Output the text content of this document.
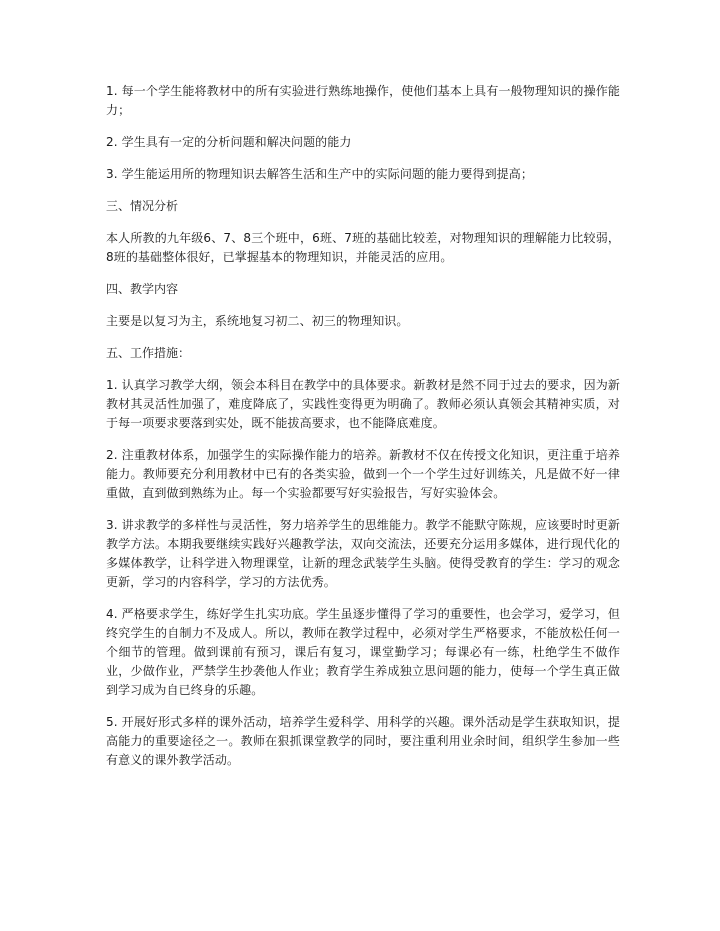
1. 每一个学生能将教材中的所有实验进行熟练地操作，使他们基本上具有一般物理知识的操作能力；

2. 学生具有一定的分析问题和解决问题的能力

3. 学生能运用所的物理知识去解答生活和生产中的实际问题的能力要得到提高；

三、情况分析

本人所教的九年级6、7、8三个班中，6班、7班的基础比较差，对物理知识的理解能力比较弱，8班的基础整体很好，已掌握基本的物理知识，并能灵活的应用。

四、教学内容

主要是以复习为主，系统地复习初二、初三的物理知识。

五、工作措施：

1. 认真学习教学大纲，领会本科目在教学中的具体要求。新教材是然不同于过去的要求，因为新教材其灵活性加强了，难度降底了，实践性变得更为明确了。教师必须认真领会其精神实质，对于每一项要求要落到实处，既不能拔高要求，也不能降底难度。

2. 注重教材体系，加强学生的实际操作能力的培养。新教材不仅在传授文化知识，更注重于培养能力。教师要充分利用教材中已有的各类实验，做到一个一个学生过好训练关，凡是做不好一律重做，直到做到熟练为止。每一个实验都要写好实验报告，写好实验体会。

3. 讲求教学的多样性与灵活性，努力培养学生的思维能力。教学不能默守陈规，应该要时时更新教学方法。本期我要继续实践好兴趣教学法，双向交流法，还要充分运用多媒体，进行现代化的多媒体教学，让科学进入物理课堂，让新的理念武装学生头脑。使得受教育的学生：学习的观念更新，学习的内容科学，学习的方法优秀。

4. 严格要求学生，练好学生扎实功底。学生虽逐步懂得了学习的重要性，也会学习，爱学习，但终究学生的自制力不及成人。所以，教师在教学过程中，必须对学生严格要求，不能放松任何一个细节的管理。做到课前有预习，课后有复习，课堂勤学习；每课必有一练，杜绝学生不做作业，少做作业，严禁学生抄袭他人作业；教育学生养成独立思问题的能力，使每一个学生真正做到学习成为自已终身的乐趣。

5. 开展好形式多样的课外活动，培养学生爱科学、用科学的兴趣。课外活动是学生获取知识，提高能力的重要途径之一。教师在狠抓课堂教学的同时，要注重利用业余时间，组织学生参加一些有意义的课外教学活动。
